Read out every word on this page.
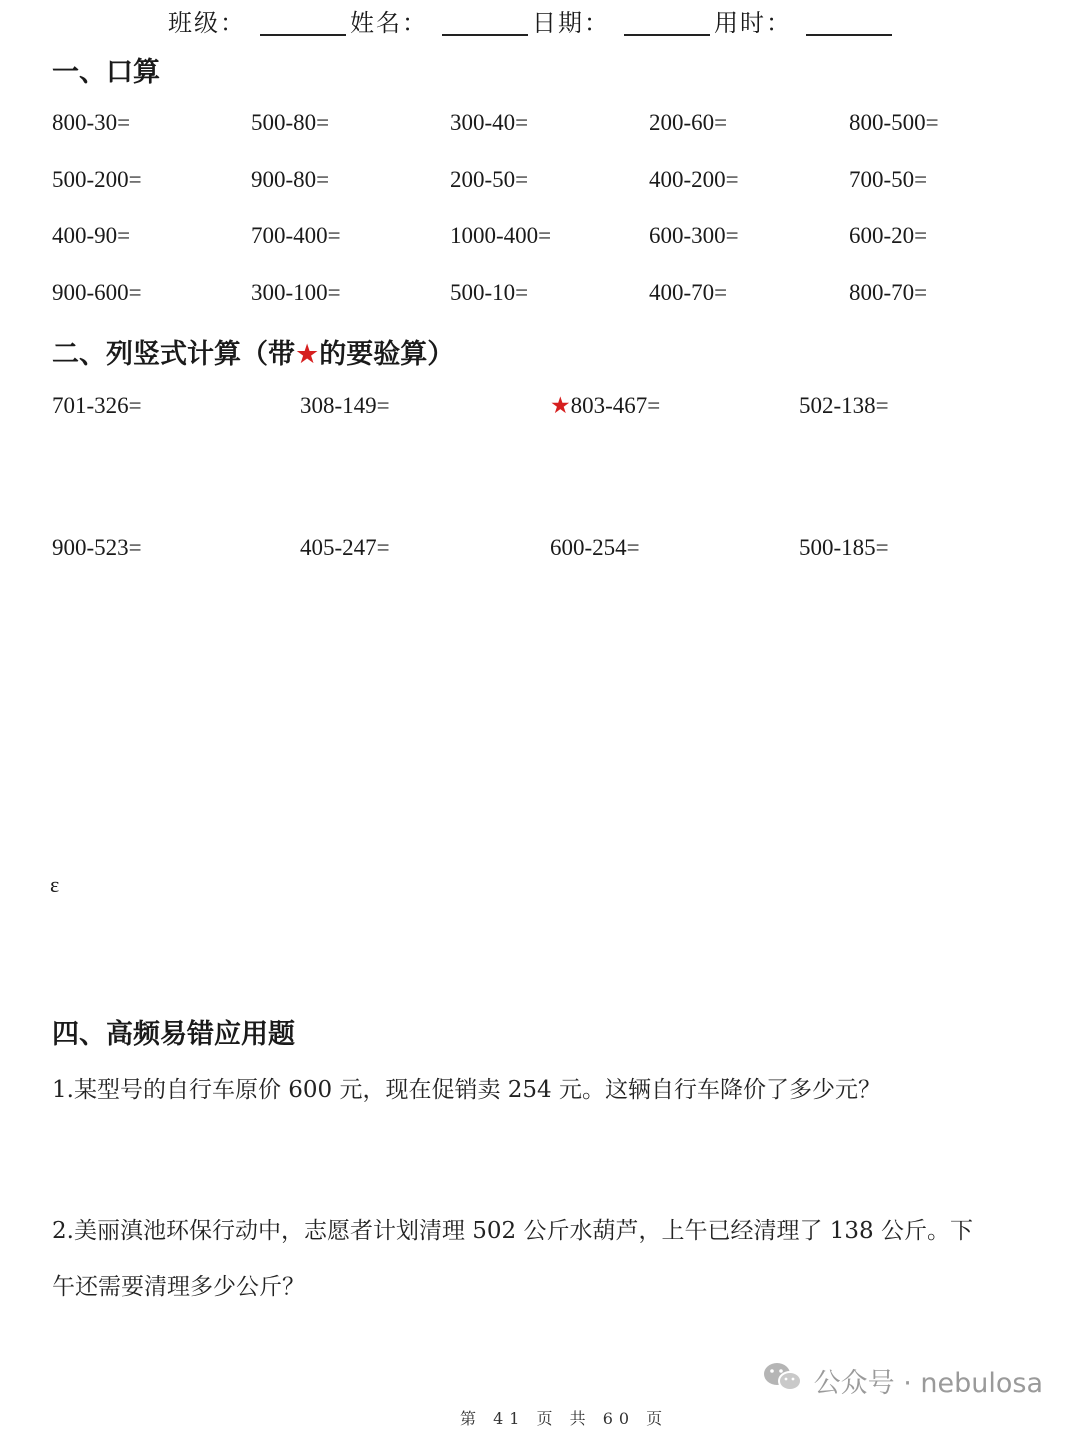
班级：	姓名：	日期：	用时：
一、口算
800-30=	500-80=	300-40=	200-60=	800-500=
500-200=	900-80=	200-50=	400-200=	700-50=
400-90=	700-400=	1000-400=	600-300=	600-20=
900-600=	300-100=	500-10=	400-70=	800-70=
二、列竖式计算（带★的要验算）
701-326=	308-149=	★803-467=	502-138=
900-523=	405-247=	600-254=	500-185=
ɛ
四、高频易错应用题
1.某型号的自行车原价 600 元，现在促销卖 254 元。这辆自行车降价了多少元？
2.美丽滇池环保行动中，志愿者计划清理 502 公斤水葫芦，上午已经清理了 138 公斤。下
午还需要清理多少公斤？
公众号 · nebulosa
第 41 页 共 60 页
